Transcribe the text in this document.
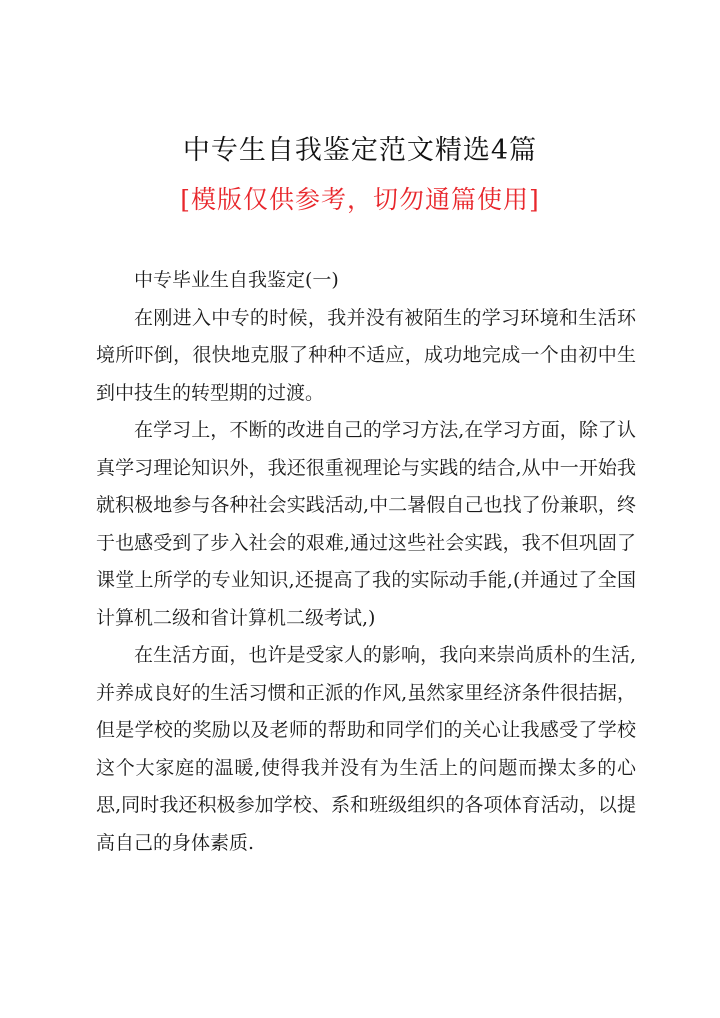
中专生自我鉴定范文精选4篇
[模版仅供参考，切勿通篇使用]

中专毕业生自我鉴定(一)

在刚进入中专的时候，我并没有被陌生的学习环境和生活环境所吓倒，很快地克服了种种不适应，成功地完成一个由初中生到中技生的转型期的过渡。

在学习上，不断的改进自己的学习方法,在学习方面，除了认真学习理论知识外，我还很重视理论与实践的结合,从中一开始我就积极地参与各种社会实践活动,中二暑假自己也找了份兼职，终于也感受到了步入社会的艰难,通过这些社会实践，我不但巩固了课堂上所学的专业知识,还提高了我的实际动手能,(并通过了全国计算机二级和省计算机二级考试,)

在生活方面，也许是受家人的影响，我向来崇尚质朴的生活,并养成良好的生活习惯和正派的作风,虽然家里经济条件很拮据，但是学校的奖励以及老师的帮助和同学们的关心让我感受了学校这个大家庭的温暖,使得我并没有为生活上的问题而操太多的心思,同时我还积极参加学校、系和班级组织的各项体育活动，以提高自己的身体素质.
